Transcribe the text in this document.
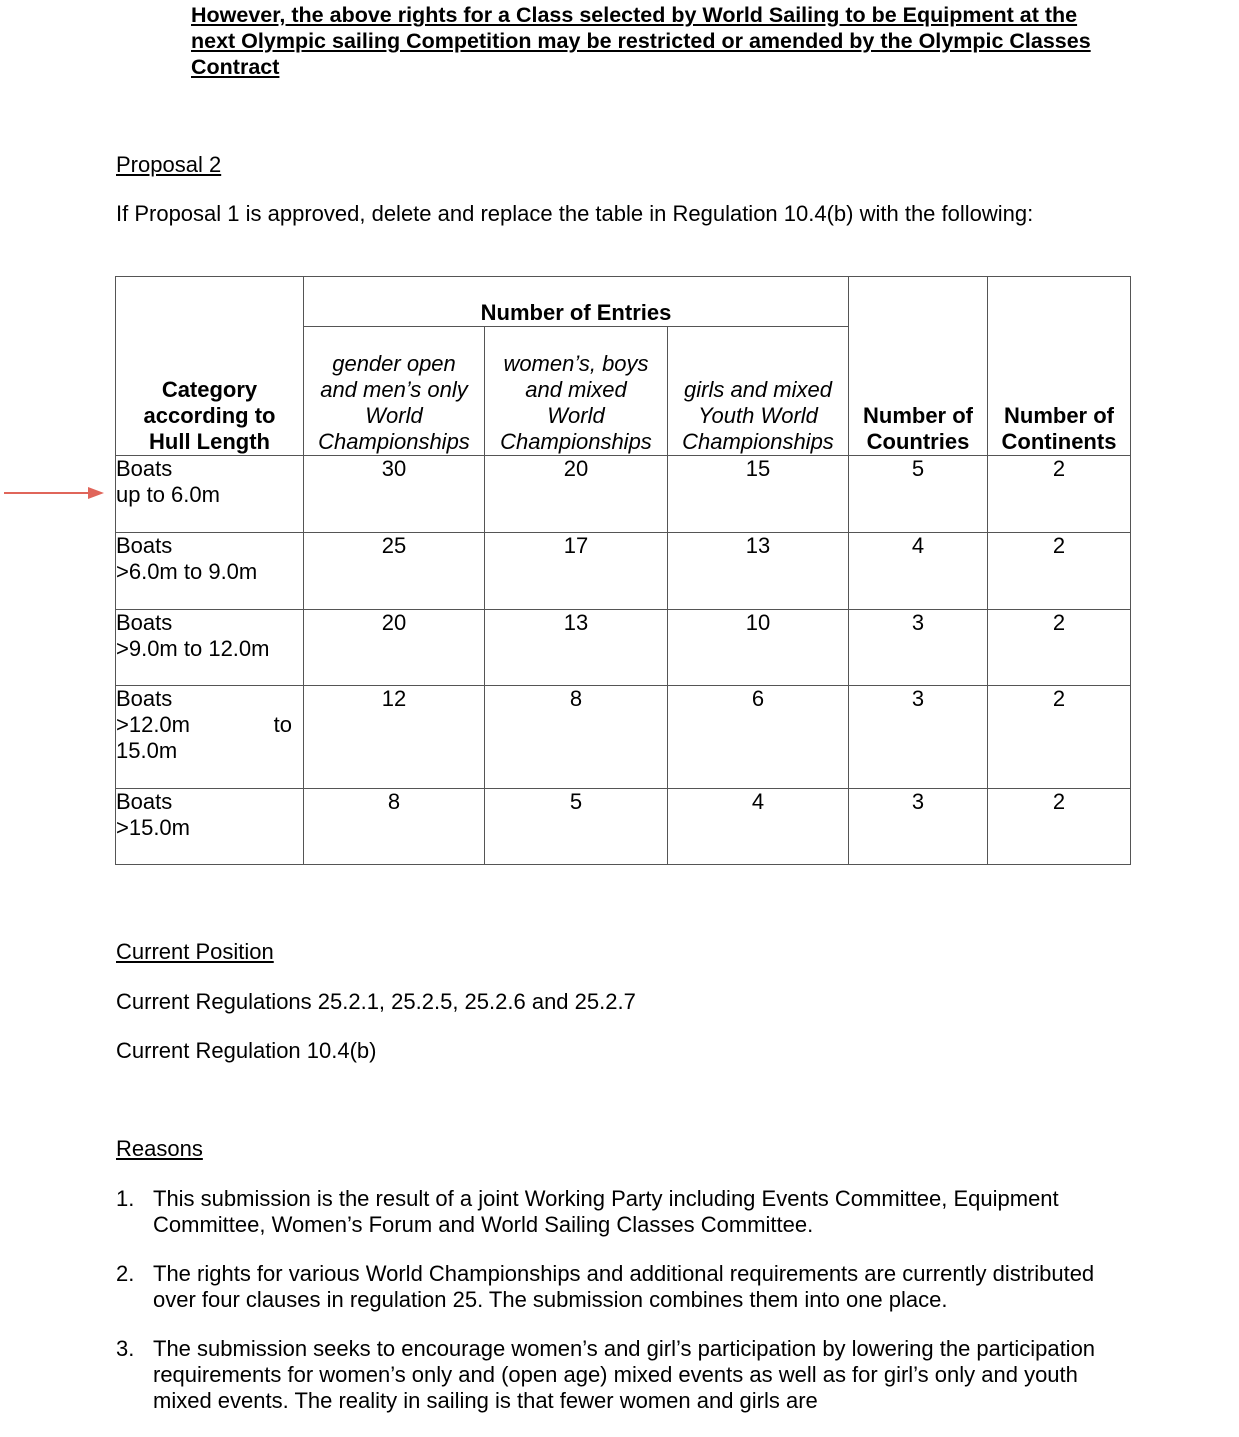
However, the above rights for a Class selected by World Sailing to be Equipment at the next Olympic sailing Competition may be restricted or amended by the Olympic Classes Contract
Proposal 2
If Proposal 1 is approved, delete and replace the table in Regulation 10.4(b) with the following:
Category according to Hull Length	Number of Entries			Number of Countries	Number of Continents

	gender open and men’s only World Championships	women’s, boys and mixed World Championships	girls and mixed Youth World Championships		

Boats
up to 6.0m	30	20	15	5	2

Boats
>6.0m to 9.0m	25	17	13	4	2

Boats
>9.0m to 12.0m	20	13	10	3	2

Boats
>12.0m to
15.0m	12	8	6	3	2

Boats
>15.0m	8	5	4	3	2
Current Position
Current Regulations 25.2.1, 25.2.5, 25.2.6 and 25.2.7
Current Regulation 10.4(b)
Reasons
1. This submission is the result of a joint Working Party including Events Committee, Equipment Committee, Women’s Forum and World Sailing Classes Committee.
2. The rights for various World Championships and additional requirements are currently distributed over four clauses in regulation 25. The submission combines them into one place.
3. The submission seeks to encourage women’s and girl’s participation by lowering the participation requirements for women’s only and (open age) mixed events as well as for girl’s only and youth mixed events. The reality in sailing is that fewer women and girls are
